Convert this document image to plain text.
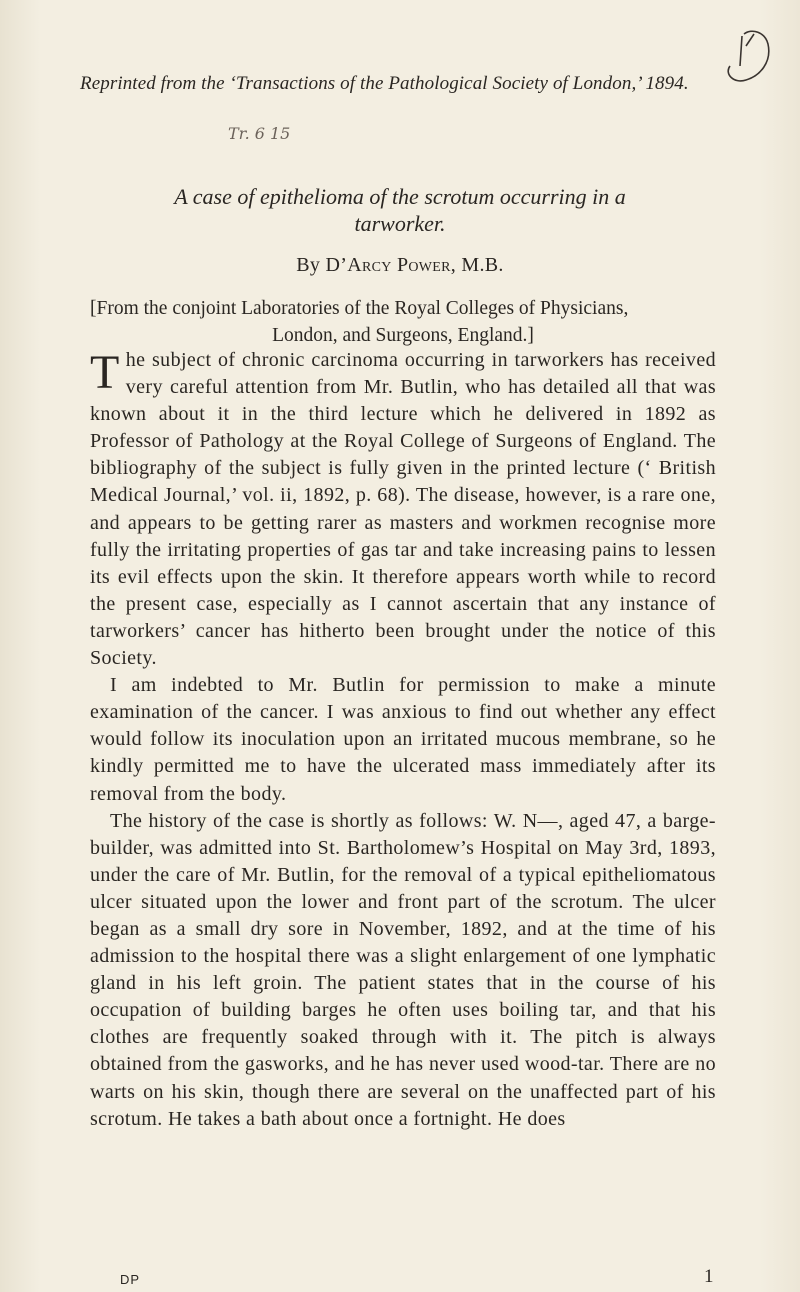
Reprinted from the ‘Transactions of the Pathological Society of London,’ 1894.
Tr. 6 15
A case of epithelioma of the scrotum occurring in a
tarworker.
By D’Arcy Power, M.B.
[From the conjoint Laboratories of the Royal Colleges of Physicians,
London, and Surgeons, England.]

The subject of chronic carcinoma occurring in tarworkers has received very careful attention from Mr. Butlin, who has detailed all that was known about it in the third lecture which he delivered in 1892 as Professor of Pathology at the Royal College of Surgeons of England. The bibliography of the subject is fully given in the printed lecture (‘ British Medical Journal,’ vol. ii, 1892, p. 68). The disease, however, is a rare one, and appears to be getting rarer as masters and workmen recognise more fully the irritating properties of gas tar and take increasing pains to lessen its evil effects upon the skin. It therefore appears worth while to record the present case, especially as I cannot ascertain that any instance of tarworkers’ cancer has hitherto been brought under the notice of this Society.

I am indebted to Mr. Butlin for permission to make a minute examination of the cancer. I was anxious to find out whether any effect would follow its inoculation upon an irritated mucous membrane, so he kindly permitted me to have the ulcerated mass immediately after its removal from the body.

The history of the case is shortly as follows: W. N—, aged 47, a barge-builder, was admitted into St. Bartholomew’s Hospital on May 3rd, 1893, under the care of Mr. Butlin, for the removal of a typical epitheliomatous ulcer situated upon the lower and front part of the scrotum. The ulcer began as a small dry sore in November, 1892, and at the time of his admission to the hospital there was a slight enlargement of one lymphatic gland in his left groin. The patient states that in the course of his occupation of building barges he often uses boiling tar, and that his clothes are frequently soaked through with it. The pitch is always obtained from the gasworks, and he has never used wood-tar. There are no warts on his skin, though there are several on the unaffected part of his scrotum. He takes a bath about once a fortnight. He does

DP	1
